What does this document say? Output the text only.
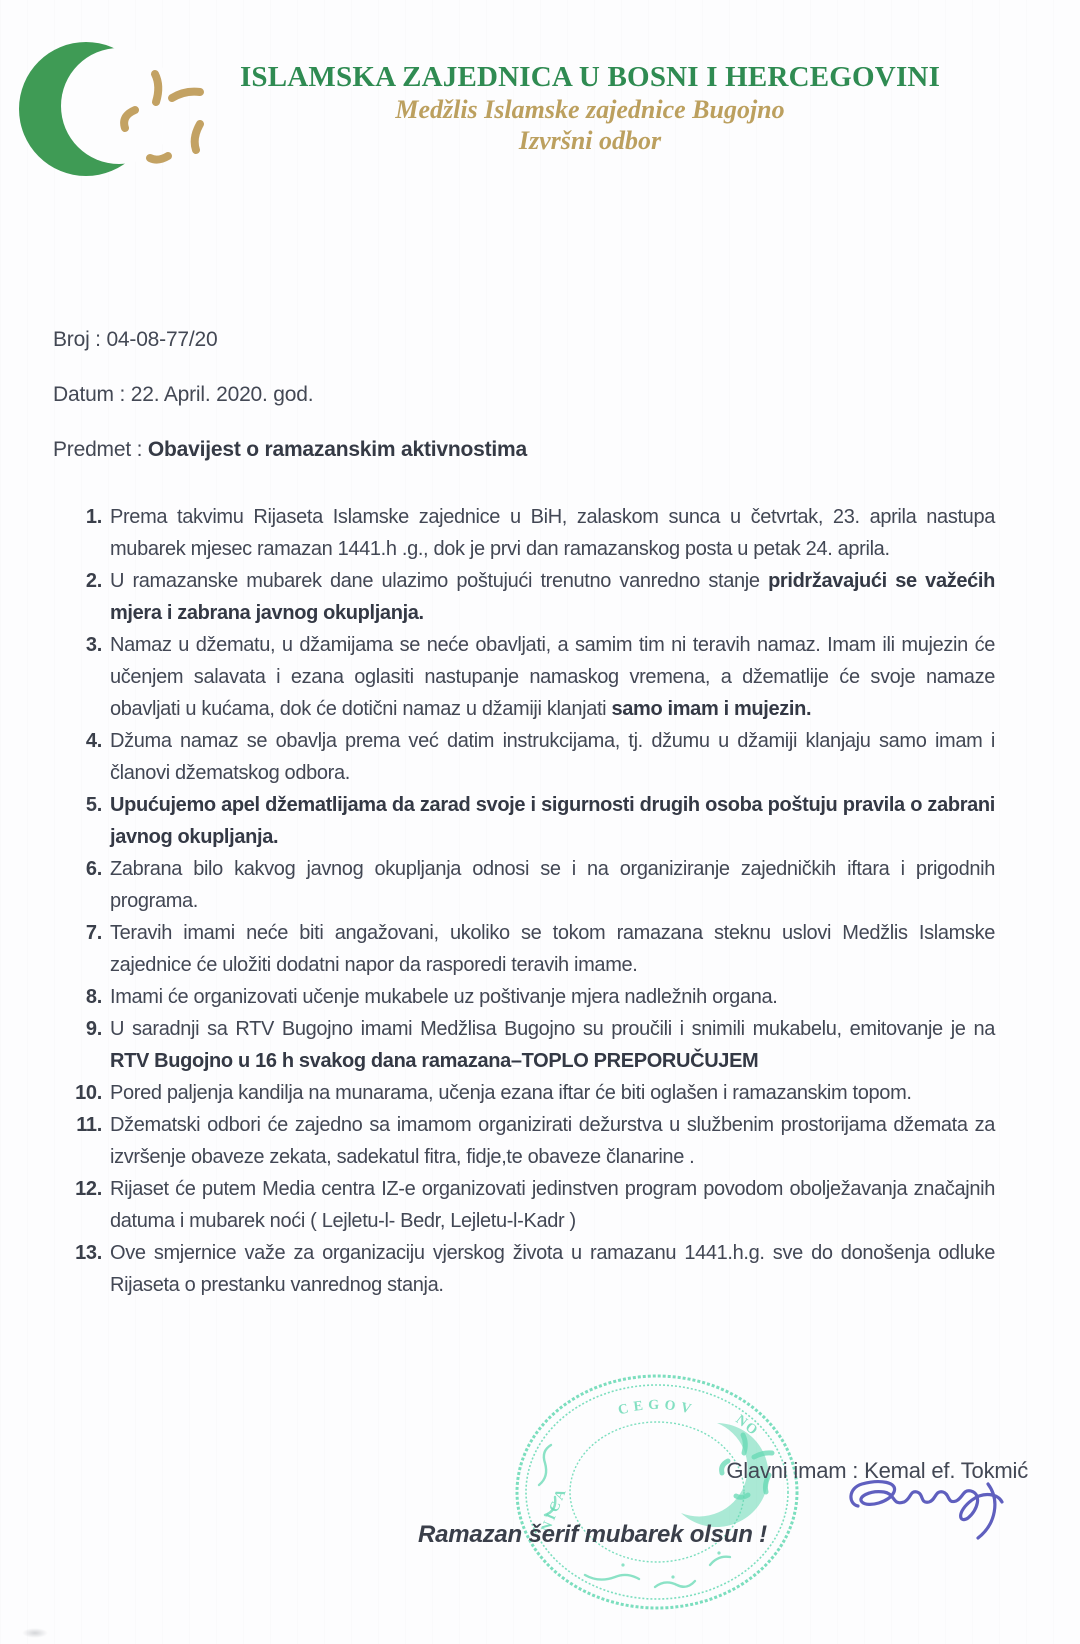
ISLAMSKA ZAJEDNICA U BOSNI I HERCEGOVINI
Medžlis Islamske zajednice Bugojno
Izvršni odbor
Broj : 04-08-77/20
Datum : 22. April. 2020. god.
Predmet : Obavijest o ramazanskim aktivnostima
1. Prema takvimu Rijaseta Islamske zajednice u BiH, zalaskom sunca u četvrtak, 23. aprila nastupa mubarek mjesec ramazan 1441.h .g., dok je prvi dan ramazanskog posta u petak 24. aprila.
2. U ramazanske mubarek dane ulazimo poštujući trenutno vanredno stanje pridržavajući se važećih mjera i zabrana javnog okupljanja.
3. Namaz u džematu, u džamijama se neće obavljati, a samim tim ni teravih namaz. Imam ili mujezin će učenjem salavata i ezana oglasiti nastupanje namaskog vremena, a džematlije će svoje namaze obavljati u kućama, dok će dotični namaz u džamiji klanjati samo imam i mujezin.
4. Džuma namaz se obavlja prema već datim instrukcijama, tj. džumu u džamiji klanjaju samo imam i članovi džematskog odbora.
5. Upućujemo apel džematlijama da zarad svoje i sigurnosti drugih osoba poštuju pravila o zabrani javnog okupljanja.
6. Zabrana bilo kakvog javnog okupljanja odnosi se i na organiziranje zajedničkih iftara i prigodnih programa.
7. Teravih imami neće biti angažovani, ukoliko se tokom ramazana steknu uslovi Medžlis Islamske zajednice će uložiti dodatni napor da rasporedi teravih imame.
8. Imami će organizovati učenje mukabele uz poštivanje mjera nadležnih organa.
9. U saradnji sa RTV Bugojno imami Medžlisa Bugojno su proučili i snimili mukabelu, emitovanje je na RTV Bugojno u 16 h svakog dana ramazana–TOPLO PREPORUČUJEM
10. Pored paljenja kandilja na munarama, učenja ezana iftar će biti oglašen i ramazanskim topom.
11. Džematski odbori će zajedno sa imamom organizirati dežurstva u službenim prostorijama džemata za izvršenje obaveze zekata, sadekatul fitra, fidje,te obaveze članarine .
12. Rijaset će putem Media centra IZ-e organizovati jedinstven program povodom obolježavanja značajnih datuma i mubarek noći ( Lejletu-l- Bedr, Lejletu-l-Kadr )
13. Ove smjernice važe za organizaciju vjerskog života u ramazanu 1441.h.g. sve do donošenja odluke Rijaseta o prestanku vanrednog stanja.
CEGOV
NICA
NO
Glavni imam : Kemal ef. Tokmić
Ramazan šerif mubarek olsun !
